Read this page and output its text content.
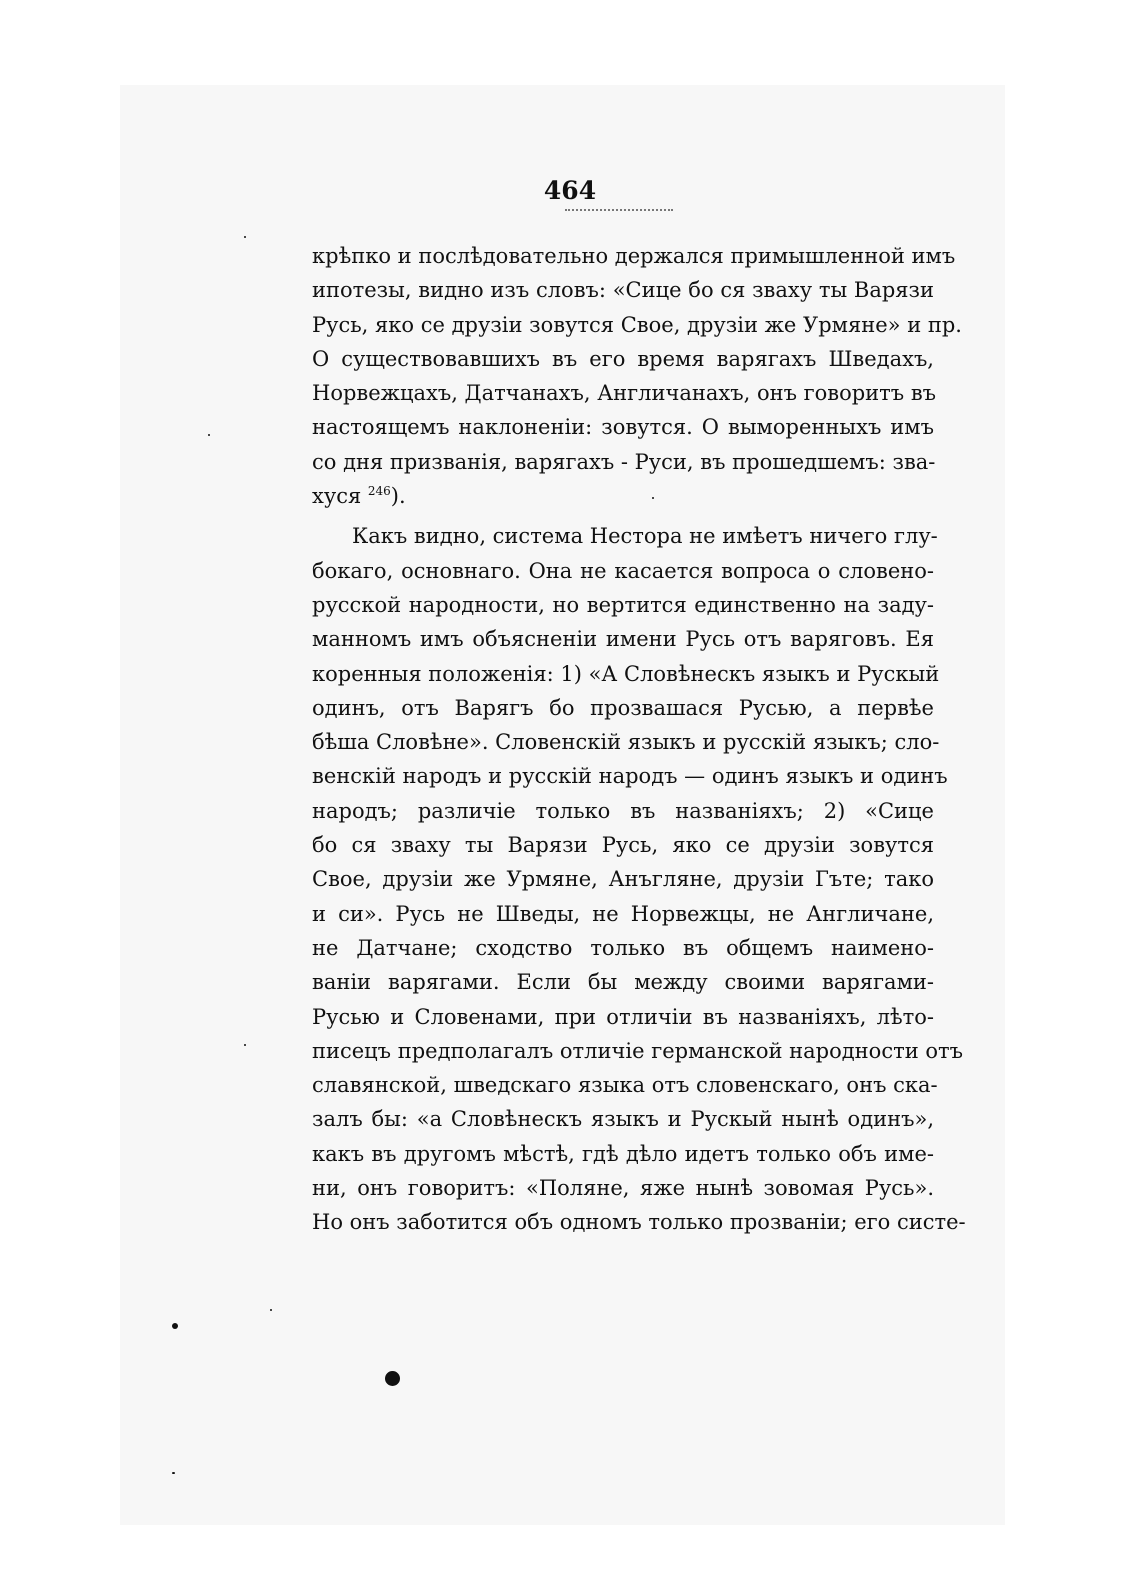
464
крѣпко и послѣдовательно держался примышленной имъ
ипотезы, видно изъ словъ: «Сице бо ся зваху ты Варязи
Русь, яко се друзіи зовутся Свое, друзіи же Урмяне» и пр.
О существовавшихъ въ его время варягахъ Шведахъ,
Норвежцахъ, Датчанахъ, Англичанахъ, онъ говоритъ въ
настоящемъ наклоненіи: зовутся. О выморенныхъ имъ
со дня призванія, варягахъ - Руси, въ прошедшемъ: зва-
хуся $^{246}$).
Какъ видно, система Нестора не имѣетъ ничего глу-
бокаго, основнаго. Она не касается вопроса о словено-
русской народности, но вертится единственно на заду-
манномъ имъ объясненіи имени Русь отъ варяговъ. Ея
коренныя положенія: 1) «А Словѣнескъ языкъ и Рускый
одинъ, отъ Варягъ бо прозвашася Русью, а первѣе
бѣша Словѣне». Словенскій языкъ и русскій языкъ; сло-
венскій народъ и русскій народъ — одинъ языкъ и одинъ
народъ; различіе только въ названіяхъ; 2) «Сице
бо ся зваху ты Варязи Русь, яко се друзіи зовутся
Свое, друзіи же Урмяне, Анъгляне, друзіи Гъте; тако
и си». Русь не Шведы, не Норвежцы, не Англичане,
не Датчане; сходство только въ общемъ наимено-
ваніи варягами. Если бы между своими варягами-
Русью и Словенами, при отличіи въ названіяхъ, лѣто-
писецъ предполагалъ отличіе германской народности отъ
славянской, шведскаго языка отъ словенскаго, онъ ска-
залъ бы: «а Словѣнескъ языкъ и Рускый нынѣ одинъ»,
какъ въ другомъ мѣстѣ, гдѣ дѣло идетъ только объ име-
ни, онъ говоритъ: «Поляне, яже нынѣ зовомая Русь».
Но онъ заботится объ одномъ только прозваніи; его систе-
